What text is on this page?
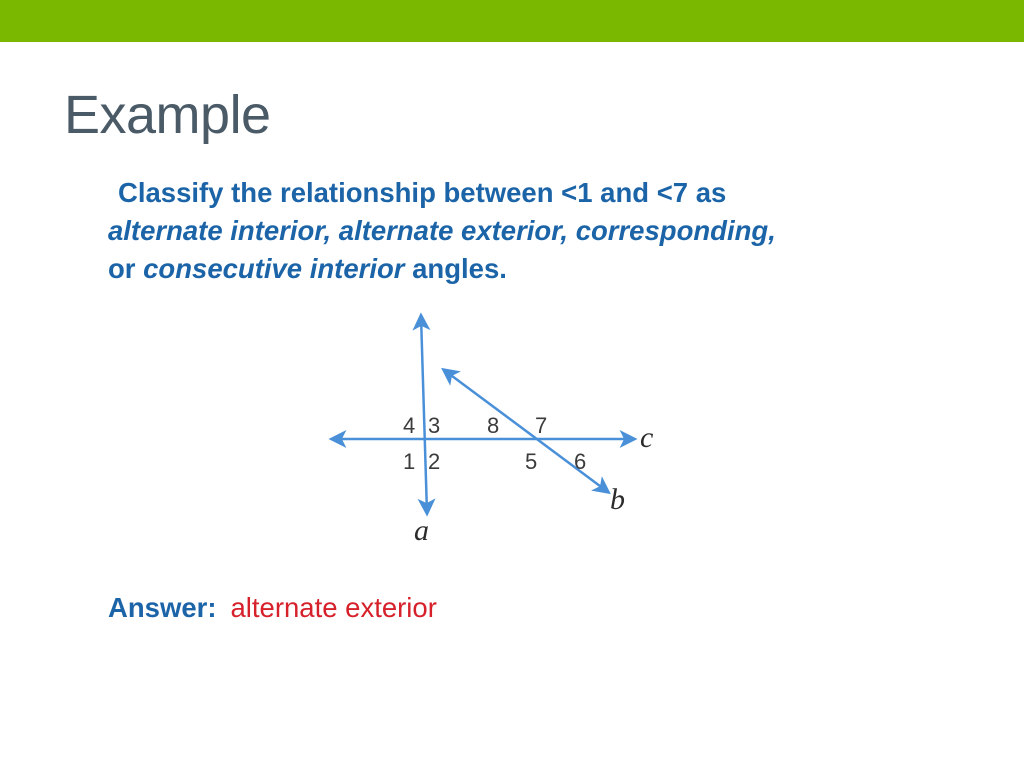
Example

Classify the relationship between <1 and <7 as
alternate interior, alternate exterior, corresponding,
or consecutive interior angles.

c
b
a
4 3 8 7
1 2	5 6

Answer: alternate exterior
